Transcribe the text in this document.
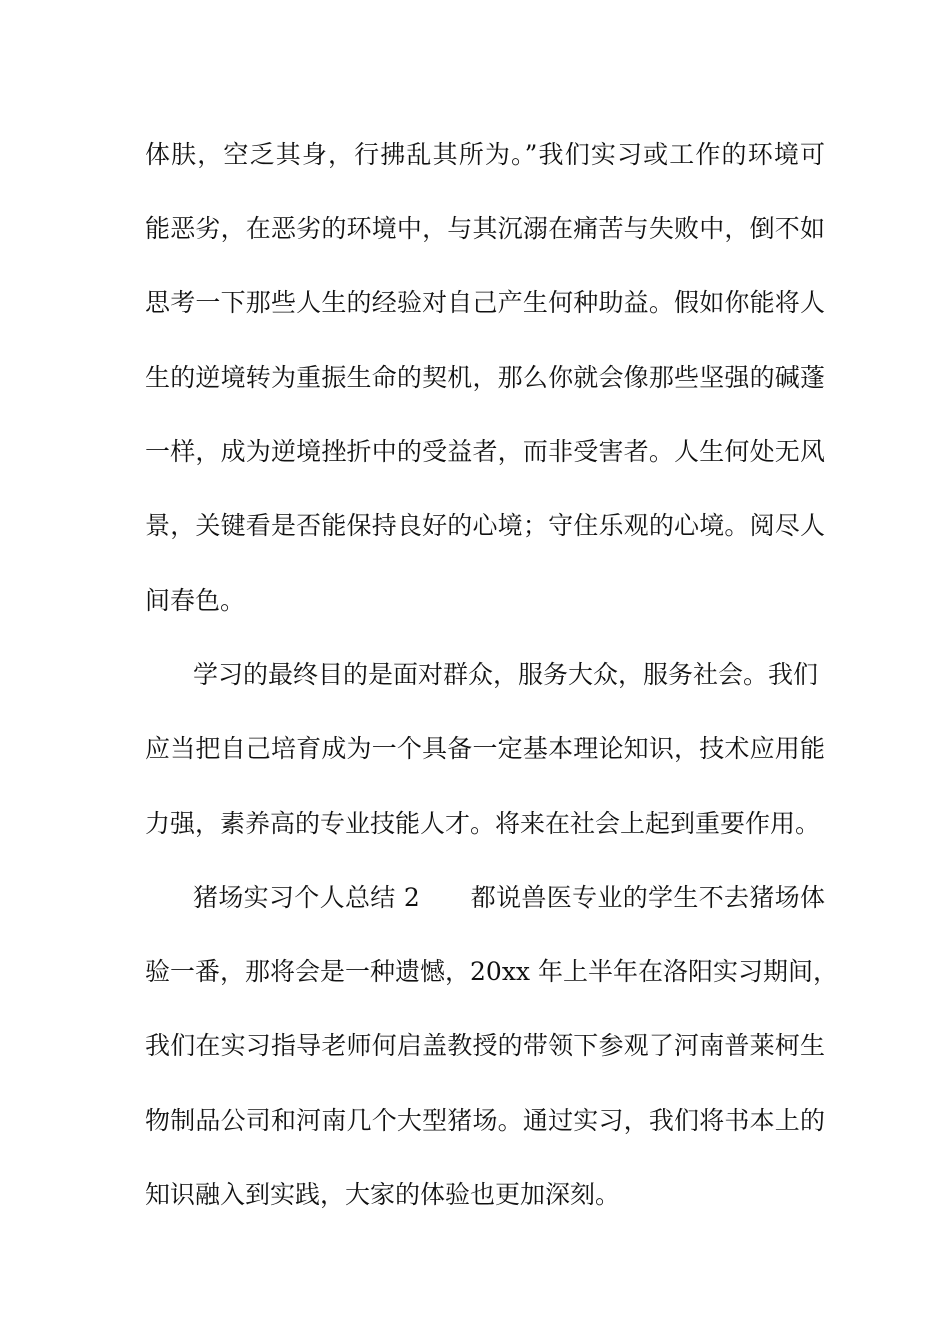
体肤，空乏其身，行拂乱其所为。”我们实习或工作的环境可
能恶劣，在恶劣的环境中，与其沉溺在痛苦与失败中，倒不如
思考一下那些人生的经验对自己产生何种助益。假如你能将人
生的逆境转为重振生命的契机，那么你就会像那些坚强的碱蓬
一样，成为逆境挫折中的受益者，而非受害者。人生何处无风
景，关键看是否能保持良好的心境；守住乐观的心境。阅尽人
间春色。
学习的最终目的是面对群众，服务大众，服务社会。我们
应当把自己培育成为一个具备一定基本理论知识，技术应用能
力强，素养高的专业技能人才。将来在社会上起到重要作用。
猪场实习个人总结 2　　都说兽医专业的学生不去猪场体
验一番，那将会是一种遗憾，20xx 年上半年在洛阳实习期间，
我们在实习指导老师何启盖教授的带领下参观了河南普莱柯生
物制品公司和河南几个大型猪场。通过实习，我们将书本上的
知识融入到实践，大家的体验也更加深刻。
